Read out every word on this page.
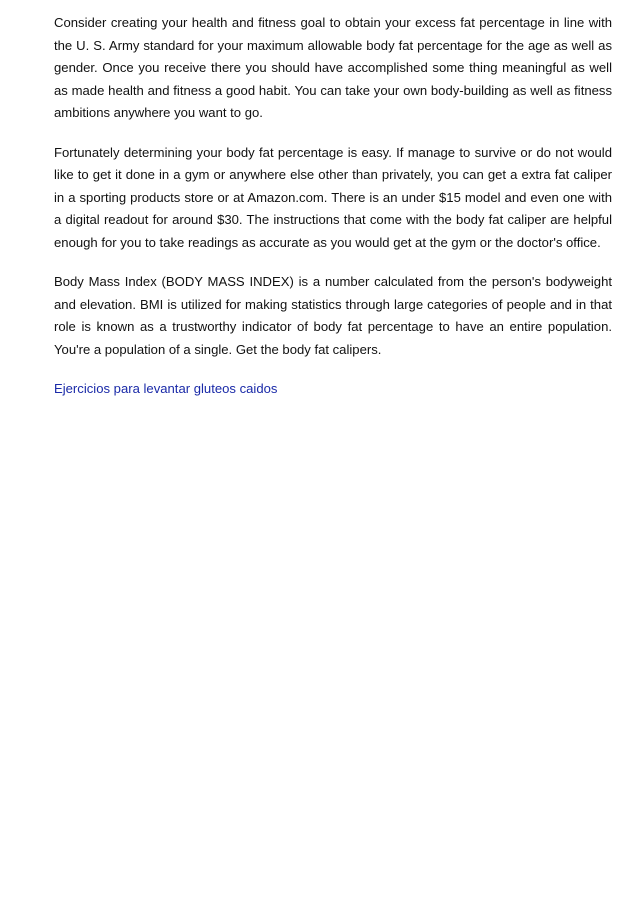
Consider creating your health and fitness goal to obtain your excess fat percentage in line with the U. S. Army standard for your maximum allowable body fat percentage for the age as well as gender. Once you receive there you should have accomplished some thing meaningful as well as made health and fitness a good habit. You can take your own body-building as well as fitness ambitions anywhere you want to go.

Fortunately determining your body fat percentage is easy. If manage to survive or do not would like to get it done in a gym or anywhere else other than privately, you can get a extra fat caliper in a sporting products store or at Amazon.com. There is an under $15 model and even one with a digital readout for around $30. The instructions that come with the body fat caliper are helpful enough for you to take readings as accurate as you would get at the gym or the doctor's office.

Body Mass Index (BODY MASS INDEX) is a number calculated from the person's bodyweight and elevation. BMI is utilized for making statistics through large categories of people and in that role is known as a trustworthy indicator of body fat percentage to have an entire population. You're a population of a single. Get the body fat calipers.

Ejercicios para levantar gluteos caidos
